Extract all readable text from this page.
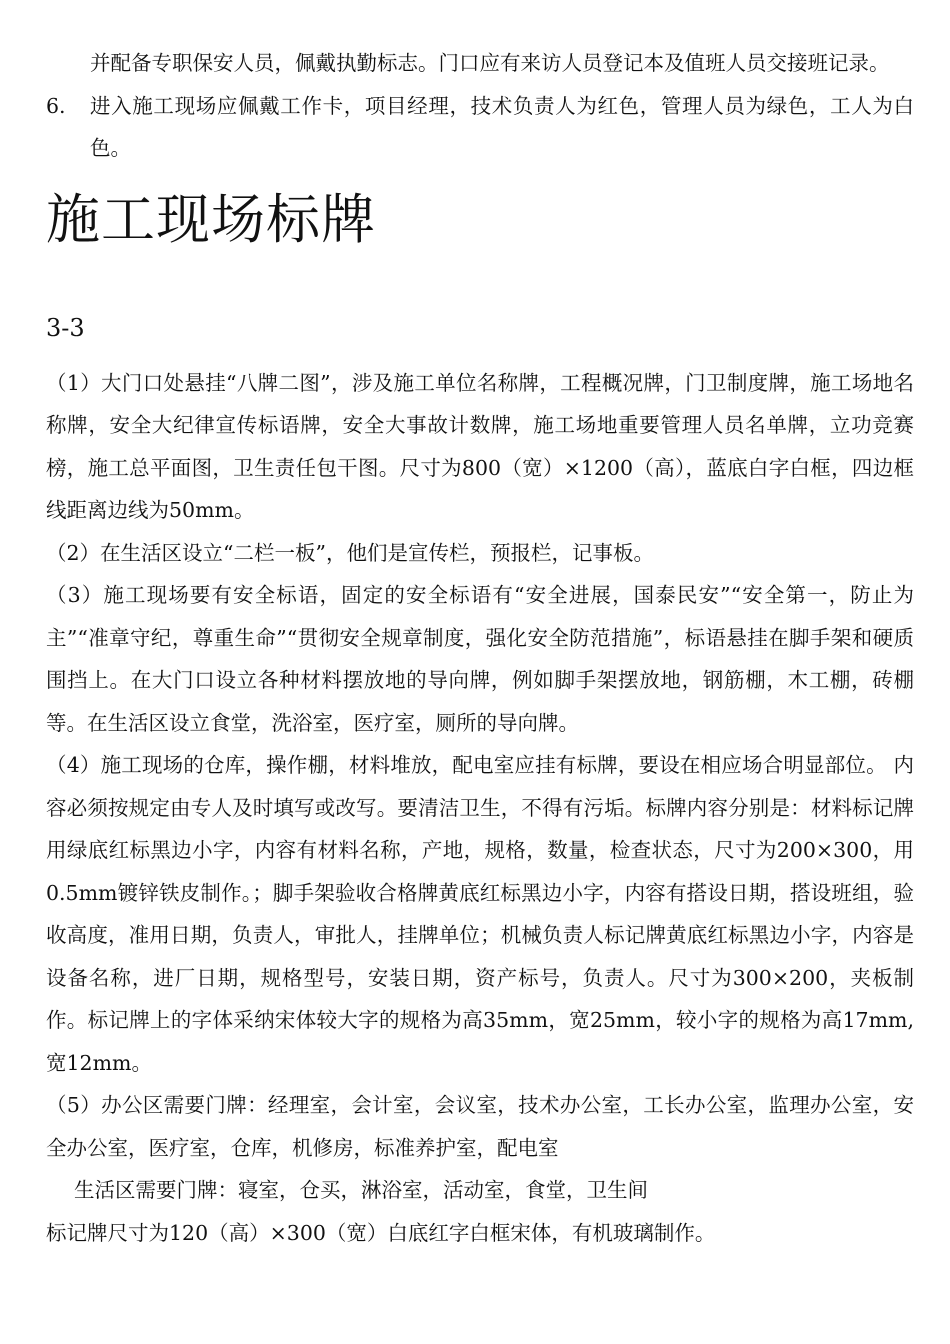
并配备专职保安人员，佩戴执勤标志。门口应有来访人员登记本及值班人员交接班记录。

6. 进入施工现场应佩戴工作卡，项目经理，技术负责人为红色，管理人员为绿色，工人为白色。
施工现场标牌

3-3

（1）大门口处悬挂“八牌二图”，涉及施工单位名称牌，工程概况牌，门卫制度牌，施工场地名称牌，安全大纪律宣传标语牌，安全大事故计数牌，施工场地重要管理人员名单牌，立功竞赛榜，施工总平面图，卫生责任包干图。尺寸为800（宽）×1200（高），蓝底白字白框，四边框线距离边线为50mm。

（2）在生活区设立“二栏一板”，他们是宣传栏，预报栏，记事板。

（3）施工现场要有安全标语，固定的安全标语有“安全进展，国泰民安”“安全第一，防止为主”“准章守纪，尊重生命”“贯彻安全规章制度，强化安全防范措施”，标语悬挂在脚手架和硬质围挡上。在大门口设立各种材料摆放地的导向牌，例如脚手架摆放地，钢筋棚，木工棚，砖棚等。在生活区设立食堂，洗浴室，医疗室，厕所的导向牌。

（4）施工现场的仓库，操作棚，材料堆放，配电室应挂有标牌，要设在相应场合明显部位。 内容必须按规定由专人及时填写或改写。要清洁卫生，不得有污垢。标牌内容分别是：材料标记牌用绿底红标黑边小字，内容有材料名称，产地，规格，数量，检查状态，尺寸为200×300，用0.5mm镀锌铁皮制作。；脚手架验收合格牌黄底红标黑边小字，内容有搭设日期，搭设班组，验收高度，准用日期，负责人，审批人，挂牌单位；机械负责人标记牌黄底红标黑边小字，内容是设备名称，进厂日期，规格型号，安装日期，资产标号，负责人。尺寸为300×200，夹板制作。标记牌上的字体采纳宋体较大字的规格为高35mm，宽25mm，较小字的规格为高17mm,宽12mm。

（5）办公区需要门牌：经理室，会计室，会议室，技术办公室，工长办公室，监理办公室，安全办公室，医疗室，仓库，机修房，标准养护室，配电室

生活区需要门牌：寝室，仓买，淋浴室，活动室，食堂，卫生间

标记牌尺寸为120（高）×300（宽）白底红字白框宋体，有机玻璃制作。
